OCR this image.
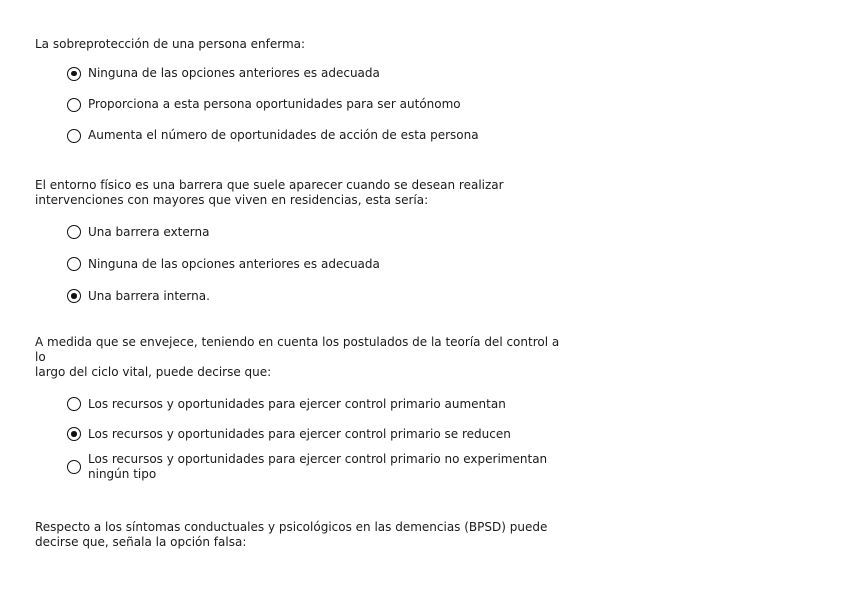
La sobreprotección de una persona enferma:

Ninguna de las opciones anteriores es adecuada
Proporciona a esta persona oportunidades para ser autónomo
Aumenta el número de oportunidades de acción de esta persona

El entorno físico es una barrera que suele aparecer cuando se desean realizar
intervenciones con mayores que viven en residencias, esta sería:

Una barrera externa
Ninguna de las opciones anteriores es adecuada
Una barrera interna.

A medida que se envejece, teniendo en cuenta los postulados de la teoría del control a
lo
largo del ciclo vital, puede decirse que:

Los recursos y oportunidades para ejercer control primario aumentan
Los recursos y oportunidades para ejercer control primario se reducen
Los recursos y oportunidades para ejercer control primario no experimentan
ningún tipo

Respecto a los síntomas conductuales y psicológicos en las demencias (BPSD) puede
decirse que, señala la opción falsa:
